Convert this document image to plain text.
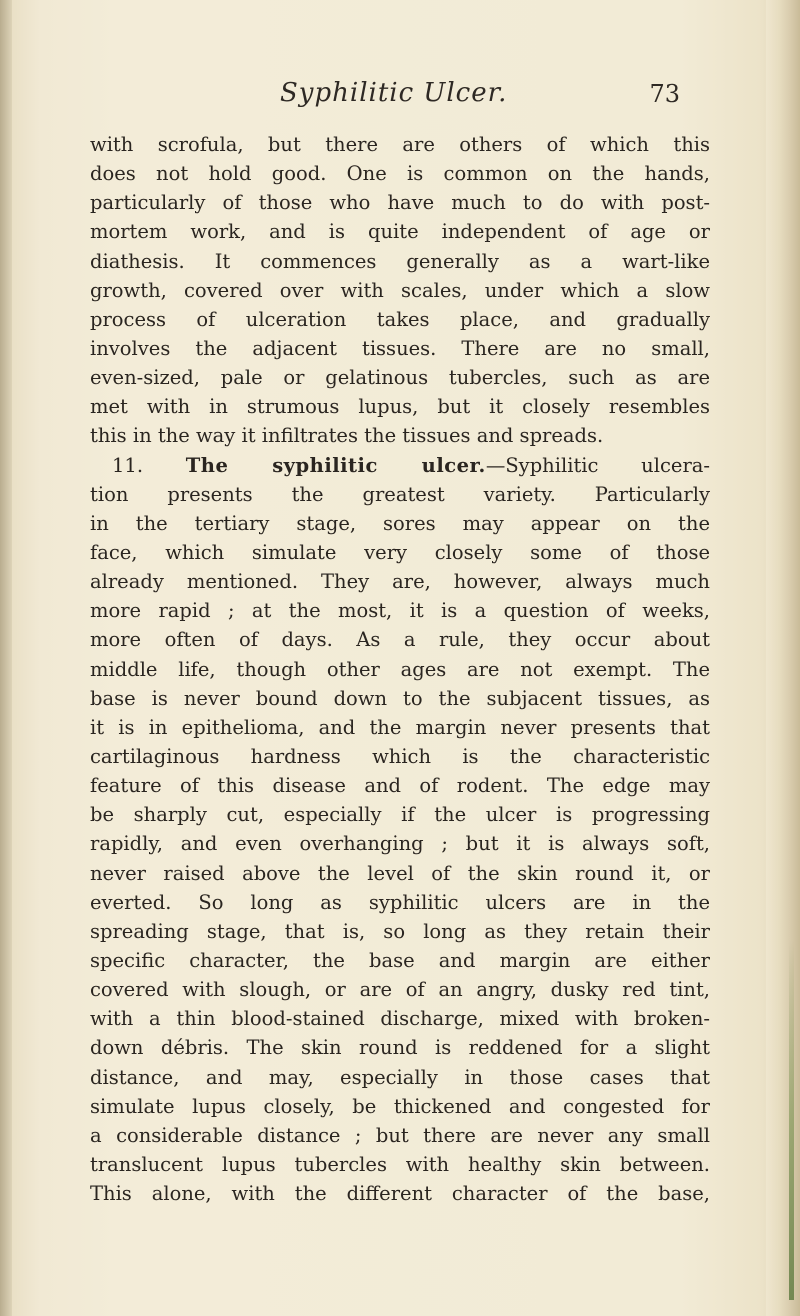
Syphilitic Ulcer.	73
with scrofula, but there are others of which this
does not hold good. One is common on the hands,
particularly of those who have much to do with post-
mortem work, and is quite independent of age or
diathesis. It commences generally as a wart-like
growth, covered over with scales, under which a slow
process of ulceration takes place, and gradually
involves the adjacent tissues. There are no small,
even-sized, pale or gelatinous tubercles, such as are
met with in strumous lupus, but it closely resembles
this in the way it infiltrates the tissues and spreads.
11. The syphilitic ulcer.—Syphilitic ulcera-
tion presents the greatest variety. Particularly
in the tertiary stage, sores may appear on the
face, which simulate very closely some of those
already mentioned. They are, however, always much
more rapid ; at the most, it is a question of weeks,
more often of days. As a rule, they occur about
middle life, though other ages are not exempt. The
base is never bound down to the subjacent tissues, as
it is in epithelioma, and the margin never presents that
cartilaginous hardness which is the characteristic
feature of this disease and of rodent. The edge may
be sharply cut, especially if the ulcer is progressing
rapidly, and even overhanging ; but it is always soft,
never raised above the level of the skin round it, or
everted. So long as syphilitic ulcers are in the
spreading stage, that is, so long as they retain their
specific character, the base and margin are either
covered with slough, or are of an angry, dusky red tint,
with a thin blood-stained discharge, mixed with broken-
down débris. The skin round is reddened for a slight
distance, and may, especially in those cases that
simulate lupus closely, be thickened and congested for
a considerable distance ; but there are never any small
translucent lupus tubercles with healthy skin between.
This alone, with the different character of the base,
